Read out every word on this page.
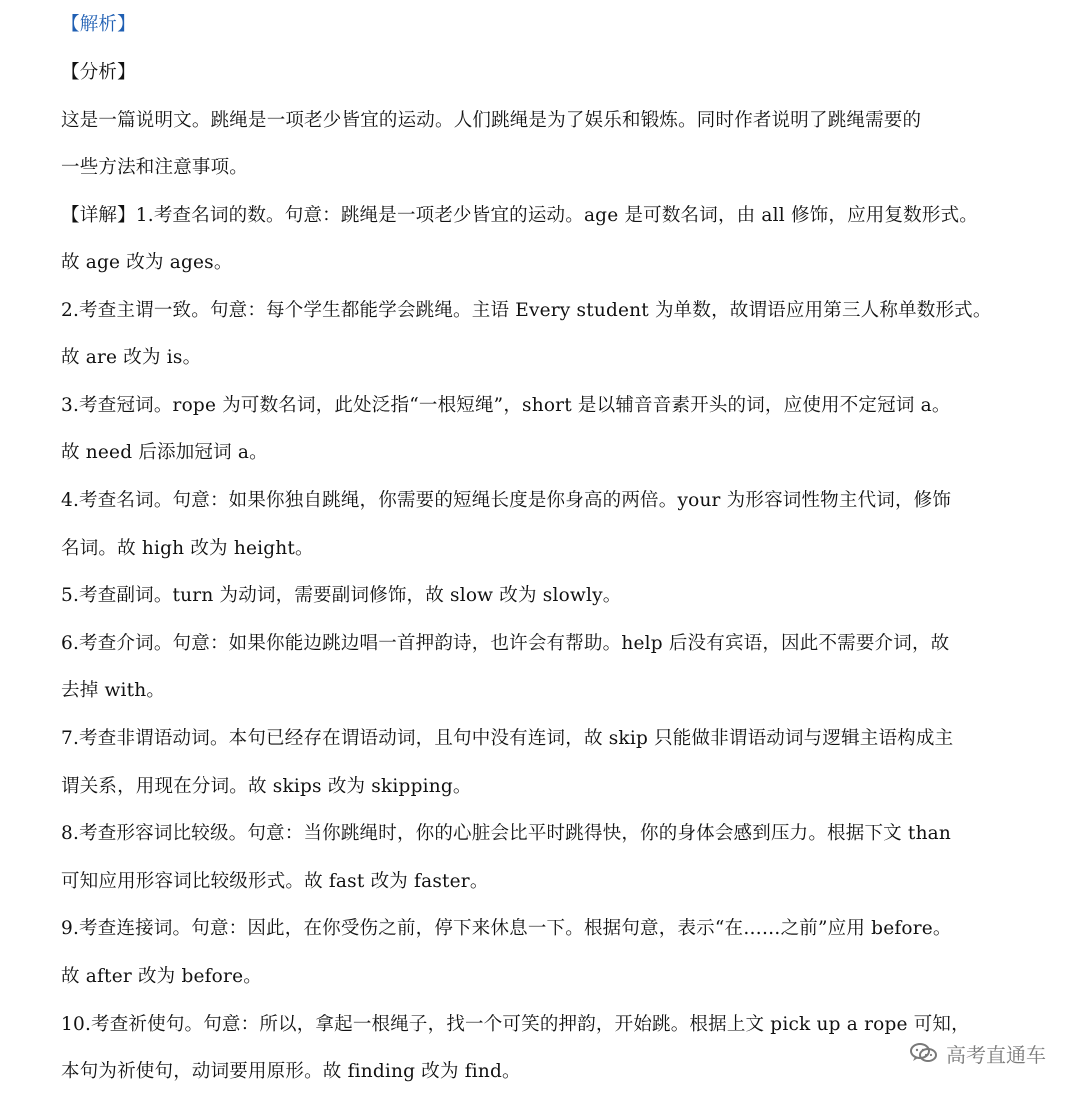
【解析】
【分析】
这是一篇说明文。跳绳是一项老少皆宜的运动。人们跳绳是为了娱乐和锻炼。同时作者说明了跳绳需要的
一些方法和注意事项。
【详解】1.考查名词的数。句意：跳绳是一项老少皆宜的运动。age 是可数名词，由 all 修饰，应用复数形式。
故 age 改为 ages。
2.考查主谓一致。句意：每个学生都能学会跳绳。主语 Every student 为单数，故谓语应用第三人称单数形式。
故 are 改为 is。
3.考查冠词。rope 为可数名词，此处泛指“一根短绳”，short 是以辅音音素开头的词，应使用不定冠词 a。
故 need 后添加冠词 a。
4.考查名词。句意：如果你独自跳绳，你需要的短绳长度是你身高的两倍。your 为形容词性物主代词，修饰
名词。故 high 改为 height。
5.考查副词。turn 为动词，需要副词修饰，故 slow 改为 slowly。
6.考查介词。句意：如果你能边跳边唱一首押韵诗，也许会有帮助。help 后没有宾语，因此不需要介词，故
去掉 with。
7.考查非谓语动词。本句已经存在谓语动词，且句中没有连词，故 skip 只能做非谓语动词与逻辑主语构成主
谓关系，用现在分词。故 skips 改为 skipping。
8.考查形容词比较级。句意：当你跳绳时，你的心脏会比平时跳得快，你的身体会感到压力。根据下文 than
可知应用形容词比较级形式。故 fast 改为 faster。
9.考查连接词。句意：因此，在你受伤之前，停下来休息一下。根据句意，表示“在……之前”应用 before。
故 after 改为 before。
10.考查祈使句。句意：所以，拿起一根绳子，找一个可笑的押韵，开始跳。根据上文 pick up a rope 可知，
本句为祈使句，动词要用原形。故 finding 改为 find。
高考直通车
